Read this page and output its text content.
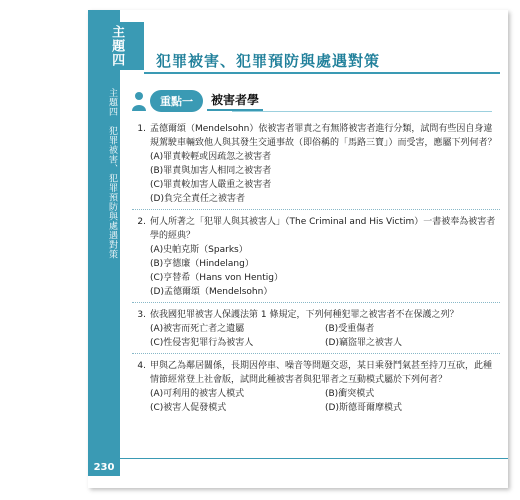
主題四
主題四　犯罪被害、犯罪預防與處遇對策
犯罪被害、犯罪預防與處遇對策
重點一	被害者學
1. 孟德爾頌（Mendelsohn）依被害者罪責之有無將被害者進行分類，試問有些因自身違規駕駛車輛致他人與其發生交通事故（即俗稱的「馬路三寶」）而受害，應屬下列何者？
(A)罪責較輕或因疏忽之被害者
(B)罪責與加害人相同之被害者
(C)罪責較加害人嚴重之被害者
(D)負完全責任之被害者
2. 何人所著之「犯罪人與其被害人」（The Criminal and His Victim）一書被奉為被害者學的經典？
(A)史帕克斯（Sparks）
(B)亨德廉（Hindelang）
(C)亨替希（Hans von Hentig）
(D)孟德爾頌（Mendelsohn）
3. 依我國犯罪被害人保護法第 1 條規定，下列何種犯罪之被害者不在保護之列？
(A)被害而死亡者之遺屬	(B)受重傷者
(C)性侵害犯罪行為被害人	(D)竊盜罪之被害人
4. 甲與乙為鄰居關係，長期因停車、噪音等問題交惡，某日乘發鬥氣甚至持刀互砍，此種情節經常登上社會版，試問此種被害者與犯罪者之互動模式屬於下列何者？
(A)可利用的被害人模式	(B)衝突模式
(C)被害人促發模式	(D)斯德哥爾摩模式
230
